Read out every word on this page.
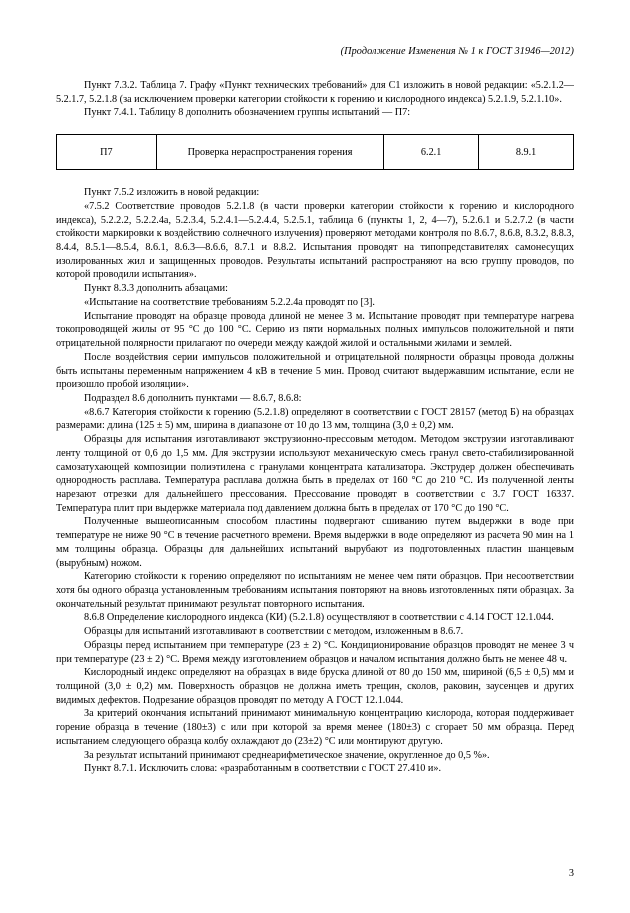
(Продолжение Изменения № 1 к ГОСТ 31946—2012)

Пункт 7.3.2. Таблица 7. Графу «Пункт технических требований» для С1 изложить в новой редакции: «5.2.1.2—5.2.1.7, 5.2.1.8 (за исключением проверки категории стойкости к горению и кислородного индекса) 5.2.1.9, 5.2.1.10».

Пункт 7.4.1. Таблицу 8 дополнить обозначением группы испытаний — П7:

П7	Проверка нераспространения горения	6.2.1	8.9.1

Пункт 7.5.2 изложить в новой редакции:

«7.5.2 Соответствие проводов 5.2.1.8 (в части проверки категории стойкости к горению и кислородного индекса), 5.2.2.2, 5.2.2.4а, 5.2.3.4, 5.2.4.1—5.2.4.4, 5.2.5.1, таблица 6 (пункты 1, 2, 4—7), 5.2.6.1 и 5.2.7.2 (в части стойкости маркировки к воздействию солнечного излучения) проверяют методами контроля по 8.6.7, 8.6.8, 8.3.2, 8.8.3, 8.4.4, 8.5.1—8.5.4, 8.6.1, 8.6.3—8.6.6, 8.7.1 и 8.8.2. Испытания проводят на типопредставителях самонесущих изолированных жил и защищенных проводов. Результаты испытаний распространяют на всю группу проводов, по которой проводили испытания».

Пункт 8.3.3 дополнить абзацами:

«Испытание на соответствие требованиям 5.2.2.4а проводят по [3].

Испытание проводят на образце провода длиной не менее 3 м. Испытание проводят при температуре нагрева токопроводящей жилы от 95 °С до 100 °С. Серию из пяти нормальных полных импульсов положительной и пяти отрицательной полярности прилагают по очереди между каждой жилой и остальными жилами и землей.

После воздействия серии импульсов положительной и отрицательной полярности образцы провода должны быть испытаны переменным напряжением 4 кВ в течение 5 мин. Провод считают выдержавшим испытание, если не произошло пробой изоляции».

Подраздел 8.6 дополнить пунктами — 8.6.7, 8.6.8:

«8.6.7 Категория стойкости к горению (5.2.1.8) определяют в соответствии с ГОСТ 28157 (метод Б) на образцах размерами: длина (125 ± 5) мм, ширина в диапазоне от 10 до 13 мм, толщина (3,0 ± 0,2) мм.

Образцы для испытания изготавливают экструзионно-прессовым методом. Методом экструзии изготавливают ленту толщиной от 0,6 до 1,5 мм. Для экструзии используют механическую смесь гранул свето-стабилизированной самозатухающей композиции полиэтилена с гранулами концентрата катализатора. Экструдер должен обеспечивать однородность расплава. Температура расплава должна быть в пределах от 160 °С до 210 °С. Из полученной ленты нарезают отрезки для дальнейшего прессования. Прессование проводят в соответствии с 3.7 ГОСТ 16337. Температура плит при выдержке материала под давлением должна быть в пределах от 170 °С до 190 °С.

Полученные вышеописанным способом пластины подвергают сшиванию путем выдержки в воде при температуре не ниже 90 °С в течение расчетного времени. Время выдержки в воде определяют из расчета 90 мин на 1 мм толщины образца. Образцы для дальнейших испытаний вырубают из подготовленных пластин шанцевым (вырубным) ножом.

Категорию стойкости к горению определяют по испытаниям не менее чем пяти образцов. При несоответствии хотя бы одного образца установленным требованиям испытания повторяют на вновь изготовленных пяти образцах. За окончательный результат принимают результат повторного испытания.

8.6.8 Определение кислородного индекса (КИ) (5.2.1.8) осуществляют в соответствии с 4.14 ГОСТ 12.1.044.

Образцы для испытаний изготавливают в соответствии с методом, изложенным в 8.6.7.

Образцы перед испытанием при температуре (23 ± 2) °С. Кондиционирование образцов проводят не менее 3 ч при температуре (23 ± 2) °С. Время между изготовлением образцов и началом испытания должно быть не менее 48 ч.

Кислородный индекс определяют на образцах в виде бруска длиной от 80 до 150 мм, шириной (6,5 ± 0,5) мм и толщиной (3,0 ± 0,2) мм. Поверхность образцов не должна иметь трещин, сколов, раковин, заусенцев и других видимых дефектов. Подрезание образцов проводят по методу А ГОСТ 12.1.044.

За критерий окончания испытаний принимают минимальную концентрацию кислорода, которая поддерживает горение образца в течение (180±3) с или при которой за время менее (180±3) с сгорает 50 мм образца. Перед испытанием следующего образца колбу охлаждают до (23±2) °С или монтируют другую.

За результат испытаний принимают среднеарифметическое значение, округленное до 0,5 %».

Пункт 8.7.1. Исключить слова: «разработанным в соответствии с ГОСТ 27.410 и».

3
